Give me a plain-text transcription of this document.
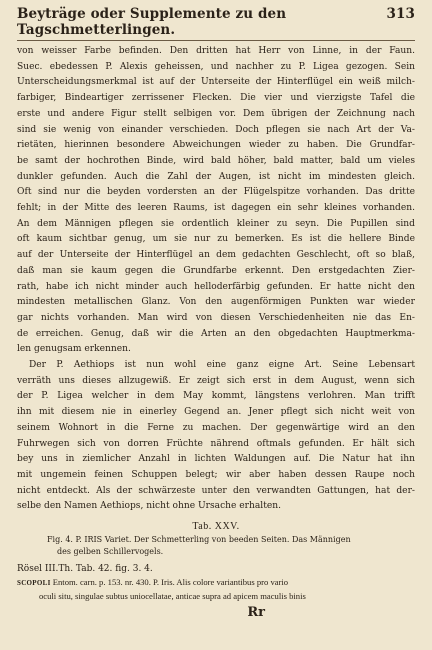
Beyträge oder Supplemente zu den Tagschmetterlingen.
313
von weisser Farbe befinden. Den dritten hat Herr von Linne, in der Faun.
Suec. ebedessen P. Alexis geheissen, und nachher zu P. Ligea gezogen. Sein
Unterscheidungsmerkmal ist auf der Unterseite der Hinterflügel ein weiß milch-
farbiger, Bindeartiger zerrissener Flecken. Die vier und vierzigste Tafel die
erste und andere Figur stellt selbigen vor. Dem übrigen der Zeichnung nach
sind sie wenig von einander verschieden. Doch pflegen sie nach Art der Va-
rietäten, hierinnen besondere Abweichungen wieder zu haben. Die Grundfar-
be samt der hochrothen Binde, wird bald höher, bald matter, bald um vieles
dunkler gefunden. Auch die Zahl der Augen, ist nicht im mindesten gleich.
Oft sind nur die beyden vordersten an der Flügelspitze vorhanden. Das dritte
fehlt; in der Mitte des leeren Raums, ist dagegen ein sehr kleines vorhanden.
An dem Männigen pflegen sie ordentlich kleiner zu seyn. Die Pupillen sind
oft kaum sichtbar genug, um sie nur zu bemerken. Es ist die hellere Binde
auf der Unterseite der Hinterflügel an dem gedachten Geschlecht, oft so blaß,
daß man sie kaum gegen die Grundfarbe erkennt. Den erstgedachten Zier-
rath, habe ich nicht minder auch helloderfärbig gefunden. Er hatte nicht den
mindesten metallischen Glanz. Von den augenförmigen Punkten war wieder
gar nichts vorhanden. Man wird von diesen Verschiedenheiten nie das En-
de erreichen. Genug, daß wir die Arten an den obgedachten Hauptmerkma-
len genugsam erkennen.
Der P. Aethiops ist nun wohl eine ganz eigne Art. Seine Lebensart
verräth uns dieses allzugewiß. Er zeigt sich erst in dem August, wenn sich
der P. Ligea welcher in dem May kommt, längstens verlohren. Man trifft
ihn mit diesem nie in einerley Gegend an. Jener pflegt sich nicht weit von
seinem Wohnort in die Ferne zu machen. Der gegenwärtige wird an den
Fuhrwegen sich von dorren Früchte nährend oftmals gefunden. Er hält sich
bey uns in ziemlicher Anzahl in lichten Waldungen auf. Die Natur hat ihn
mit ungemein feinen Schuppen belegt; wir aber haben dessen Raupe noch
nicht entdeckt. Als der schwärzeste unter den verwandten Gattungen, hat der-
selbe den Namen Aethiops, nicht ohne Ursache erhalten.
Tab. XXV.
Fig. 4. P. IRIS Variet. Der Schmetterling von beeden Seiten. Das Männigen
des gelben Schillervogels.
Rösel III.Th. Tab. 42. fig. 3. 4.
SCOPOLI Entom. carn. p. 153. nr. 430. P. Iris. Alis colore variantibus pro vario
oculi situ, singulae subtus uniocellatae, anticae supra ad apicem maculis binis
Rr
